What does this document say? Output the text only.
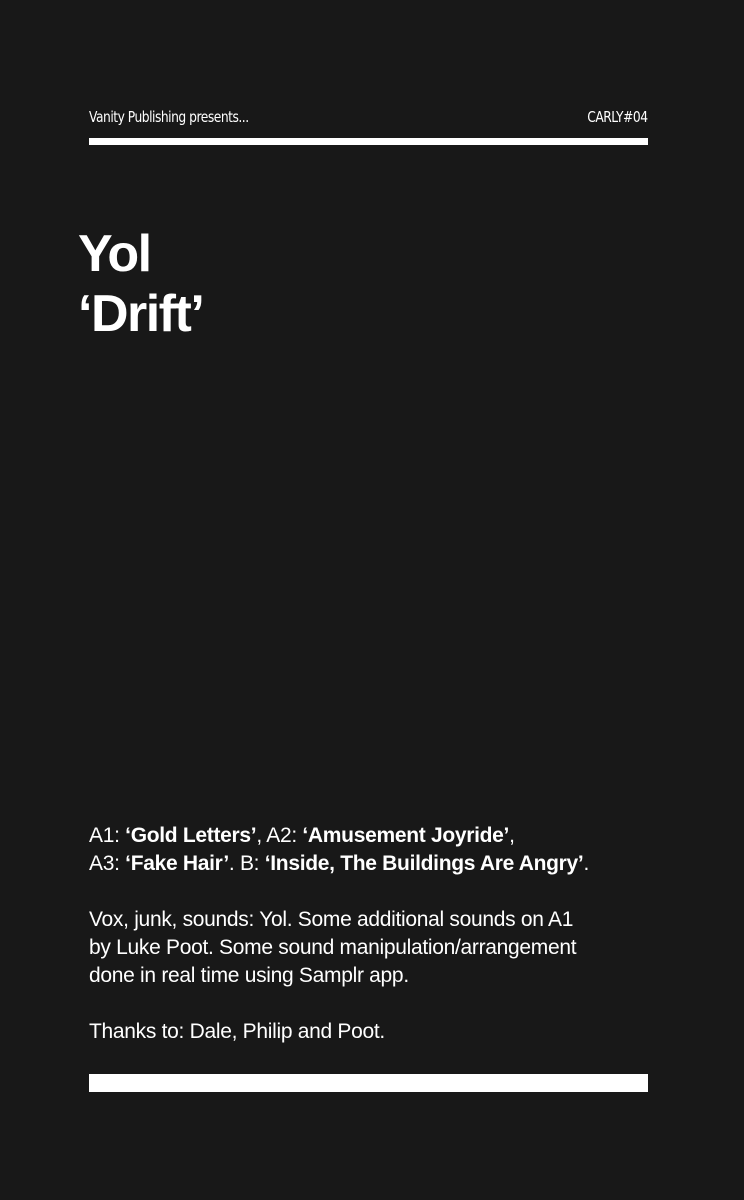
Vanity Publishing presents...	CARLY#04
Yol
‘Drift’

A1: ‘Gold Letters’, A2: ‘Amusement Joyride’,
A3: ‘Fake Hair’. B: ‘Inside, The Buildings Are Angry’.

Vox, junk, sounds: Yol. Some additional sounds on A1
by Luke Poot. Some sound manipulation/arrangement
done in real time using Samplr app.

Thanks to: Dale, Philip and Poot.
